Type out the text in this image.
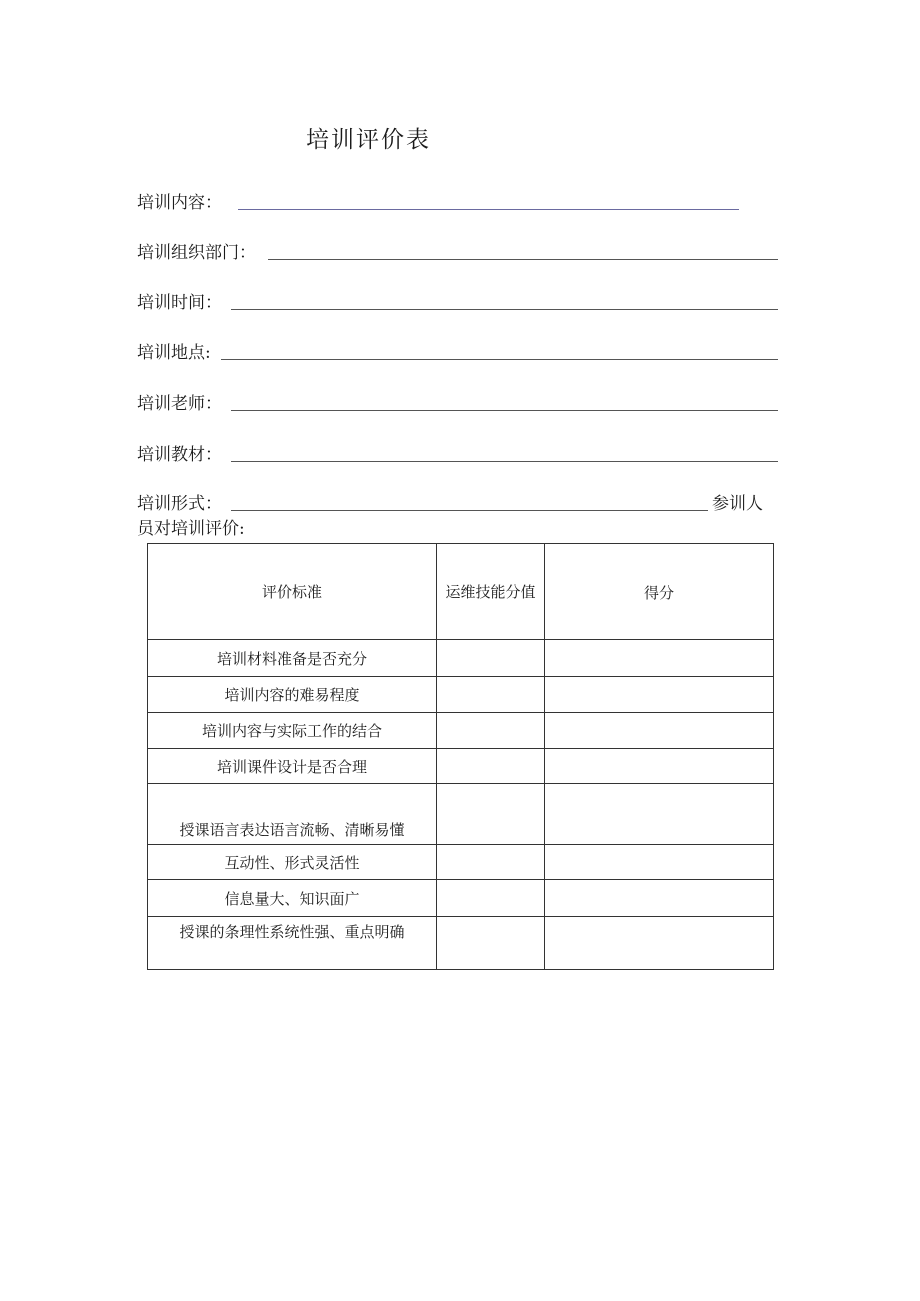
培训评价表
培训内容：
培训组织部门：
培训时间：
培训地点:
培训老师：
培训教材：
培训形式：	参训人
员对培训评价:
评价标准	运维技能分值	得分
培训材料准备是否充分		
培训内容的难易程度		
培训内容与实际工作的结合		
培训课件设计是否合理		
授课语言表达语言流畅、清晰易懂		
互动性、形式灵活性		
信息量大、知识面广		
授课的条理性系统性强、重点明确		
